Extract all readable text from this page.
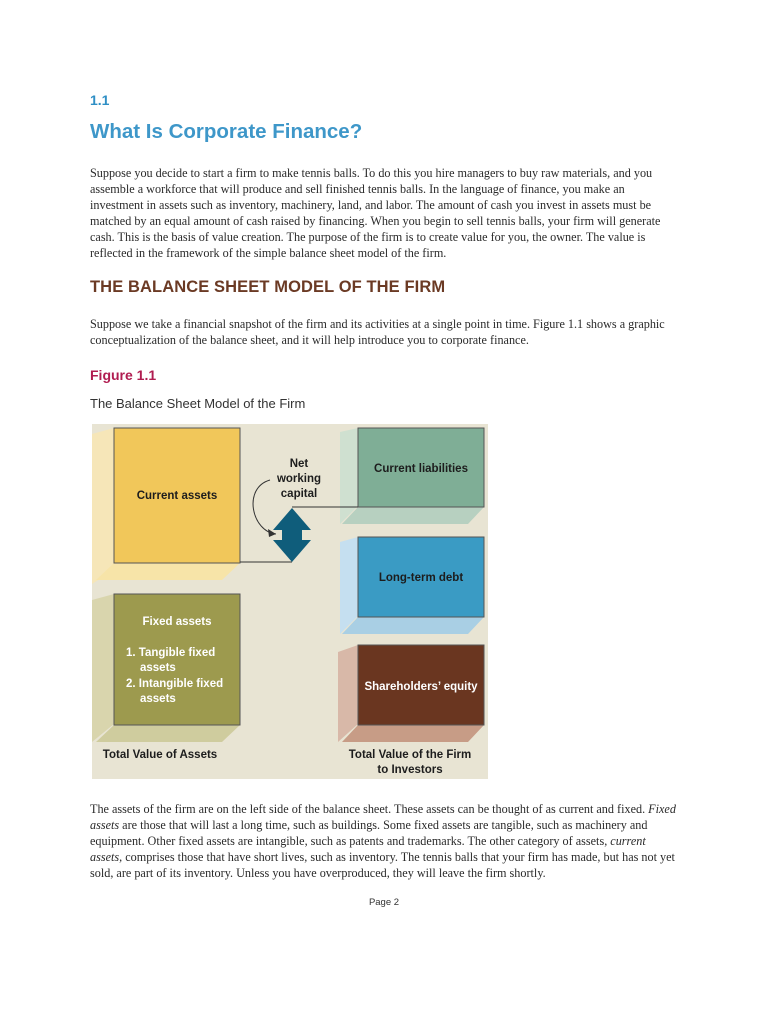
1.1
What Is Corporate Finance?

Suppose you decide to start a firm to make tennis balls. To do this you hire managers to buy raw materials, and you assemble a workforce that will produce and sell finished tennis balls. In the language of finance, you make an investment in assets such as inventory, machinery, land, and labor. The amount of cash you invest in assets must be matched by an equal amount of cash raised by financing. When you begin to sell tennis balls, your firm will generate cash. This is the basis of value creation. The purpose of the firm is to create value for you, the owner. The value is reflected in the framework of the simple balance sheet model of the firm.

THE BALANCE SHEET MODEL OF THE FIRM

Suppose we take a financial snapshot of the firm and its activities at a single point in time. Figure 1.1 shows a graphic conceptualization of the balance sheet, and it will help introduce you to corporate finance.

Figure 1.1
The Balance Sheet Model of the Firm
Current assets
Net
working
capital
Current liabilities
Long-term debt
Fixed assets
1. Tangible fixed
assets
2. Intangible fixed
assets
Shareholders’ equity
Total Value of Assets	Total Value of the Firm
to Investors

The assets of the firm are on the left side of the balance sheet. These assets can be thought of as current and fixed. Fixed assets are those that will last a long time, such as buildings. Some fixed assets are tangible, such as machinery and equipment. Other fixed assets are intangible, such as patents and trademarks. The other category of assets, current assets, comprises those that have short lives, such as inventory. The tennis balls that your firm has made, but has not yet sold, are part of its inventory. Unless you have overproduced, they will leave the firm shortly.

Page 2
